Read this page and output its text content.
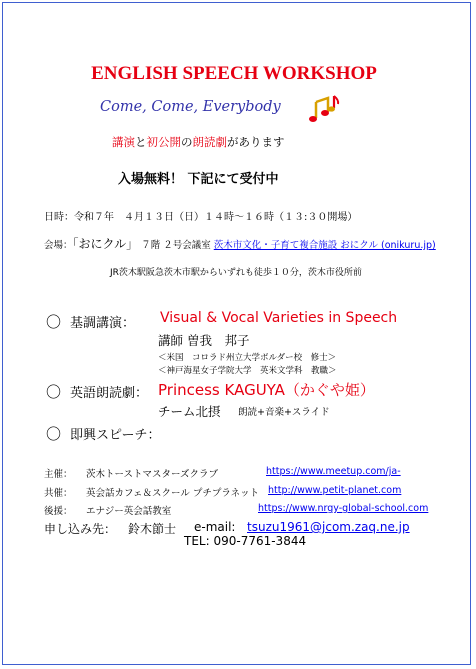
ENGLISH SPEECH WORKSHOP
Come, Come, Everybody
講演と初公開の朗読劇があります
入場無料！ 下記にて受付中
日時：令和７年　４月１３日（日）１４時～１６時（１３:３０開場）
会場：「おにクル」 ７階 ２号会議室 茨木市文化・子育て複合施設 おにクル (onikuru.jp)
JR茨木駅阪急茨木市駅からいずれも徒歩１０分，茨木市役所前
〇 基調講演： Visual & Vocal Varieties in Speech
講師 曽我　邦子
＜米国　コロラド州立大学ボルダー校　修士＞
＜神戸海星女子学院大学　英米文学科　教職＞
〇 英語朗読劇： Princess KAGUYA（かぐや姫）
チーム北摂 朗読+音楽+スライド
〇 即興スピーチ：
主催： 茨木トーストマスターズクラブ	https://www.meetup.com/ja-
共催： 英会話カフェ＆スクール プチプラネット http://www.petit-planet.com
後援： エナジー英会話教室	https://www.nrgy-global-school.com
申し込み先： 鈴木節士 e-mail: tsuzu1961@jcom.zaq.ne.jp
TEL: 090-7761-3844
